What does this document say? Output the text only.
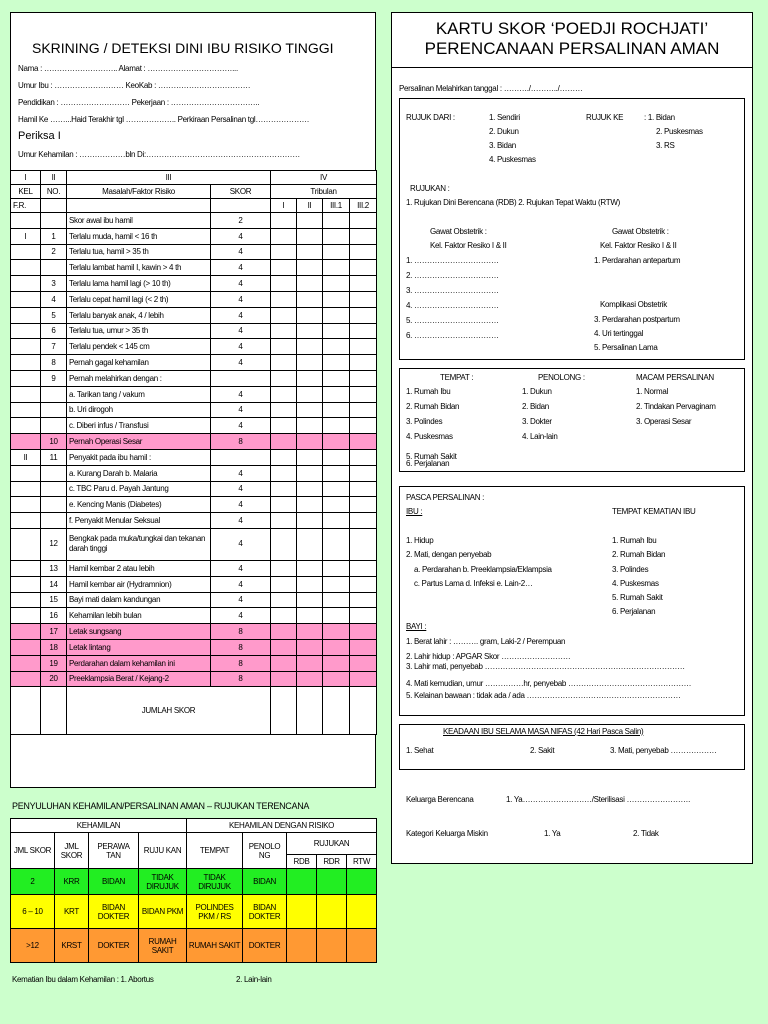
SKRINING / DETEKSI DINI IBU RISIKO TINGGI
Nama : ……………………….. Alamat : ……………………………...
Umur Ibu : ……………………… KeoKab : ………………………………
Pendidikan : ……………………… Pekerjaan : ……………………………..
Hamil Ke ……...Haid Terakhir tgl ……………….. Perkiraan Persalinan tgl…………………
Periksa I
Umur Kehamilan : ………………bln Di:……………………………………………………
I	II	III		IV			
KEL	NO.	Masalah/Faktor Risiko	SKOR	Tribulan			
F.R.				I	II	III.1	III.2
		Skor awal ibu hamil	2				
I	1	Terlalu muda, hamil < 16 th	4				
	2	Terlalu tua, hamil > 35 th	4				
		Terlalu lambat hamil I, kawin > 4 th	4				
	3	Terlalu lama hamil lagi (> 10 th)	4				
	4	Terlalu cepat hamil lagi (< 2 th)	4				
	5	Terlalu banyak anak, 4 / lebih	4				
	6	Terlalu tua, umur > 35 th	4				
	7	Terlalu pendek < 145 cm	4				
	8	Pernah gagal kehamilan	4				
	9	Pernah melahirkan dengan :					
		a. Tarikan tang / vakum	4				
		b. Uri dirogoh	4				
		c. Diberi infus / Transfusi	4				
	10	Pernah Operasi Sesar	8				
II	11	Penyakit pada ibu hamil :					
		a. Kurang Darah b. Malaria	4				
		c. TBC Paru d. Payah Jantung	4				
		e. Kencing Manis (Diabetes)	4				
		f. Penyakit Menular Seksual	4				
	12	Bengkak pada muka/tungkai dan tekanan darah tinggi	4				
	13	Hamil kembar 2 atau lebih	4				
	14	Hamil kembar air (Hydramnion)	4				
	15	Bayi mati dalam kandungan	4				
	16	Kehamilan lebih bulan	4				
	17	Letak sungsang	8				
	18	Letak lintang	8				
	19	Perdarahan dalam kehamilan ini	8				
	20	Preeklampsia Berat / Kejang-2	8				
		JUMLAH SKOR					
PENYULUHAN KEHAMILAN/PERSALINAN AMAN – RUJUKAN TERENCANA
KEHAMILAN				KEHAMILAN DENGAN RISIKO				
JML SKOR	JML SKOR	PERAWA TAN	RUJU KAN	TEMPAT	PENOLO NG	RUJUKAN		
						RDB	RDR	RTW
2	KRR	BIDAN	TIDAK DIRUJUK	TIDAK DIRUJUK	BIDAN			
6 – 10	KRT	BIDAN DOKTER	BIDAN PKM	POLINDES PKM / RS	BIDAN DOKTER			
>12	KRST	DOKTER	RUMAH SAKIT	RUMAH SAKIT	DOKTER			
Kematian Ibu dalam Kehamilan : 1. Abortus	2. Lain-lain
KARTU SKOR ‘POEDJI ROCHJATI’
PERENCANAAN PERSALINAN AMAN
Persalinan Melahirkan tanggal : ………./………../………
RUJUK DARI :	1. Sendiri
2. Dukun
3. Bidan
4. Puskesmas
RUJUK KE	: 1. Bidan
2. Puskesmas
3. RS
RUJUKAN :
1. Rujukan Dini Berencana (RDB) 2. Rujukan Tepat Waktu (RTW)
Gawat Obstetrik :
Kel. Faktor Resiko I & II
1. ……………………………
2. ……………………………
3. ……………………………
4. ……………………………
5. ……………………………
6. ……………………………
Gawat Obstetrik :
Kel. Faktor Resiko I & II
1. Perdarahan antepartum
Komplikasi Obstetrik
3. Perdarahan postpartum
4. Uri tertinggal
5. Persalinan Lama
TEMPAT :
1. Rumah Ibu
2. Rumah Bidan
3. Polindes
4. Puskesmas
5. Rumah Sakit
6. Perjalanan
PENOLONG :
1. Dukun
2. Bidan
3. Dokter
4. Lain-lain
MACAM PERSALINAN
1. Normal
2. Tindakan Pervaginam
3. Operasi Sesar
PASCA PERSALINAN :
IBU :	TEMPAT KEMATIAN IBU
1. Hidup
2. Mati, dengan penyebab
a. Perdarahan b. Preeklampsia/Eklampsia
c. Partus Lama d. Infeksi e. Lain-2…
1. Rumah Ibu
2. Rumah Bidan
3. Polindes
4. Puskesmas
5. Rumah Sakit
6. Perjalanan
BAYI :
1. Berat lahir : ………. gram, Laki-2 / Perempuan
2. Lahir hidup : APGAR Skor ………………………
3. Lahir mati, penyebab ……………………………………………………………………
4. Mati kemudian, umur ……………hr, penyebab …………………………………………
5. Kelainan bawaan : tidak ada / ada ……………………………………………………
KEADAAN IBU SELAMA MASA NIFAS (42 Hari Pasca Salin)
1. Sehat	2. Sakit	3. Mati, penyebab ………………
Keluarga Berencana	1. Ya………………………/Sterilisasi …………………….
Kategori Keluarga Miskin	1. Ya	2. Tidak
